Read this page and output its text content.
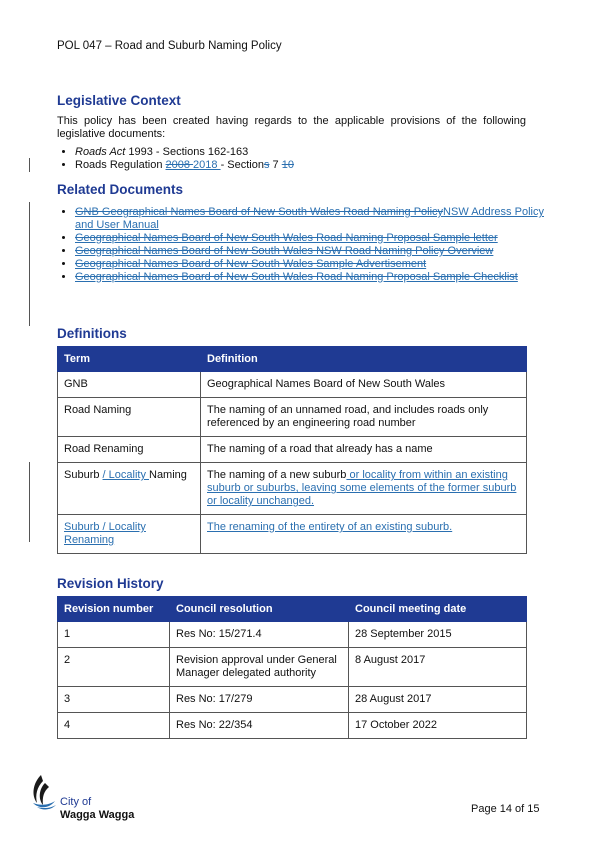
POL 047 – Road and Suburb Naming Policy
Legislative Context
This policy has been created having regards to the applicable provisions of the following legislative documents:
• Roads Act 1993 - Sections 162-163
• Roads Regulation 2008 2018 - Sections 7 10
Related Documents
• GNB Geographical Names Board of New South Wales Road Naming PolicyNSW Address Policy and User Manual
• Geographical Names Board of New South Wales Road Naming Proposal Sample letter
• Geographical Names Board of New South Wales NSW Road Naming Policy Overview
• Geographical Names Board of New South Wales Sample Advertisement
• Geographical Names Board of New South Wales Road Naming Proposal Sample Checklist
Definitions
Term	Definition
GNB	Geographical Names Board of New South Wales
Road Naming	The naming of an unnamed road, and includes roads only referenced by an engineering road number
Road Renaming	The naming of a road that already has a name
Suburb / Locality Naming	The naming of a new suburb or locality from within an existing suburb or suburbs, leaving some elements of the former suburb or locality unchanged.
Suburb / Locality Renaming	The renaming of the entirety of an existing suburb.
Revision History
Revision number	Council resolution	Council meeting date
1	Res No: 15/271.4	28 September 2015
2	Revision approval under General Manager delegated authority	8 August 2017
3	Res No: 17/279	28 August 2017
4	Res No: 22/354	17 October 2022
City of
Wagga Wagga	Page 14 of 15
